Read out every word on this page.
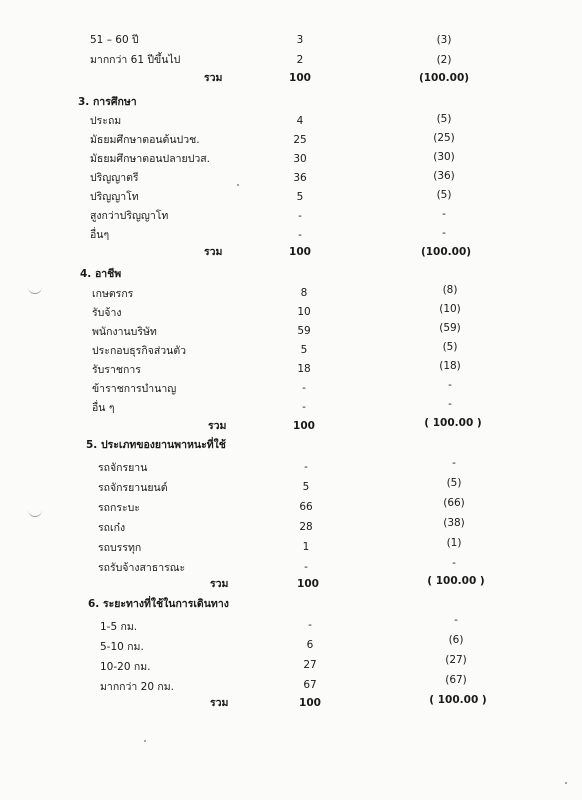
51 – 60 ปี	3	(3)
มากกว่า 61 ปีขึ้นไป	2	(2)
รวม	100	(100.00)
3. การศึกษา
ประถม	4	(5)
มัธยมศึกษาตอนต้นปวช.	25	(25)
มัธยมศึกษาตอนปลายปวส.	30	(30)
ปริญญาตรี	36	(36)
ปริญญาโท	5	(5)
สูงกว่าปริญญาโท	-	-
อื่นๆ	-	-
รวม	100	(100.00)
4. อาชีพ
เกษตรกร	8	(8)
รับจ้าง	10	(10)
พนักงานบริษัท	59	(59)
ประกอบธุรกิจส่วนตัว	5	(5)
รับราชการ	18	(18)
ข้าราชการบำนาญ	-	-
อื่น ๆ	-	-
รวม	100	( 100.00 )
5. ประเภทของยานพาหนะที่ใช้
รถจักรยาน	-	-
รถจักรยานยนต์	5	(5)
รถกระบะ	66	(66)
รถเก๋ง	28	(38)
รถบรรทุก	1	(1)
รถรับจ้างสาธารณะ	-	-
รวม	100	( 100.00 )
6. ระยะทางที่ใช้ในการเดินทาง
1-5 กม.	-	-
5-10 กม.	6	(6)
10-20 กม.	27	(27)
มากกว่า 20 กม.	67	(67)
รวม	100	( 100.00 )
